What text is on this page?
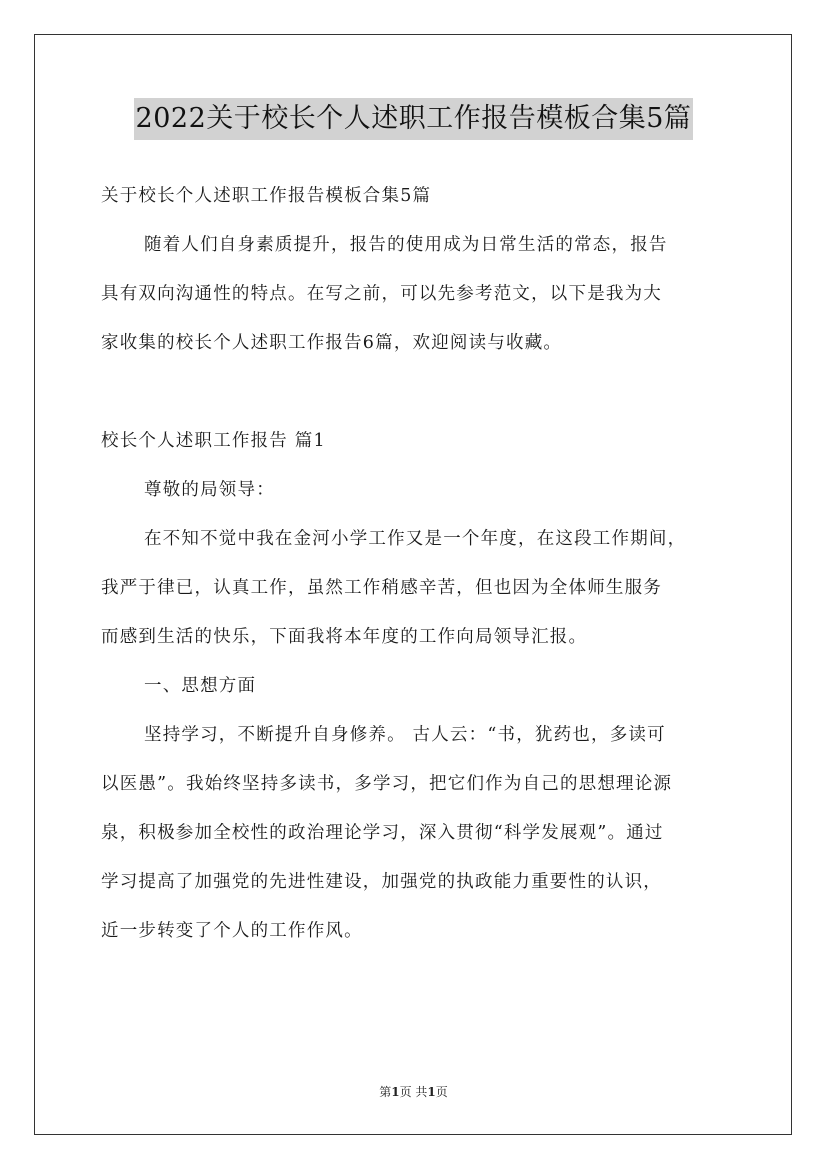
2022关于校长个人述职工作报告模板合集5篇
关于校长个人述职工作报告模板合集5篇
随着人们自身素质提升，报告的使用成为日常生活的常态，报告
具有双向沟通性的特点。在写之前，可以先参考范文，以下是我为大
家收集的校长个人述职工作报告6篇，欢迎阅读与收藏。
校长个人述职工作报告 篇1
尊敬的局领导：
在不知不觉中我在金河小学工作又是一个年度，在这段工作期间，
我严于律已，认真工作，虽然工作稍感辛苦，但也因为全体师生服务
而感到生活的快乐，下面我将本年度的工作向局领导汇报。
一、思想方面
坚持学习，不断提升自身修养。 古人云：“书，犹药也，多读可
以医愚”。我始终坚持多读书，多学习，把它们作为自己的思想理论源
泉，积极参加全校性的政治理论学习，深入贯彻“科学发展观”。通过
学习提高了加强党的先进性建设，加强党的执政能力重要性的认识，
近一步转变了个人的工作作风。
第1页 共1页
